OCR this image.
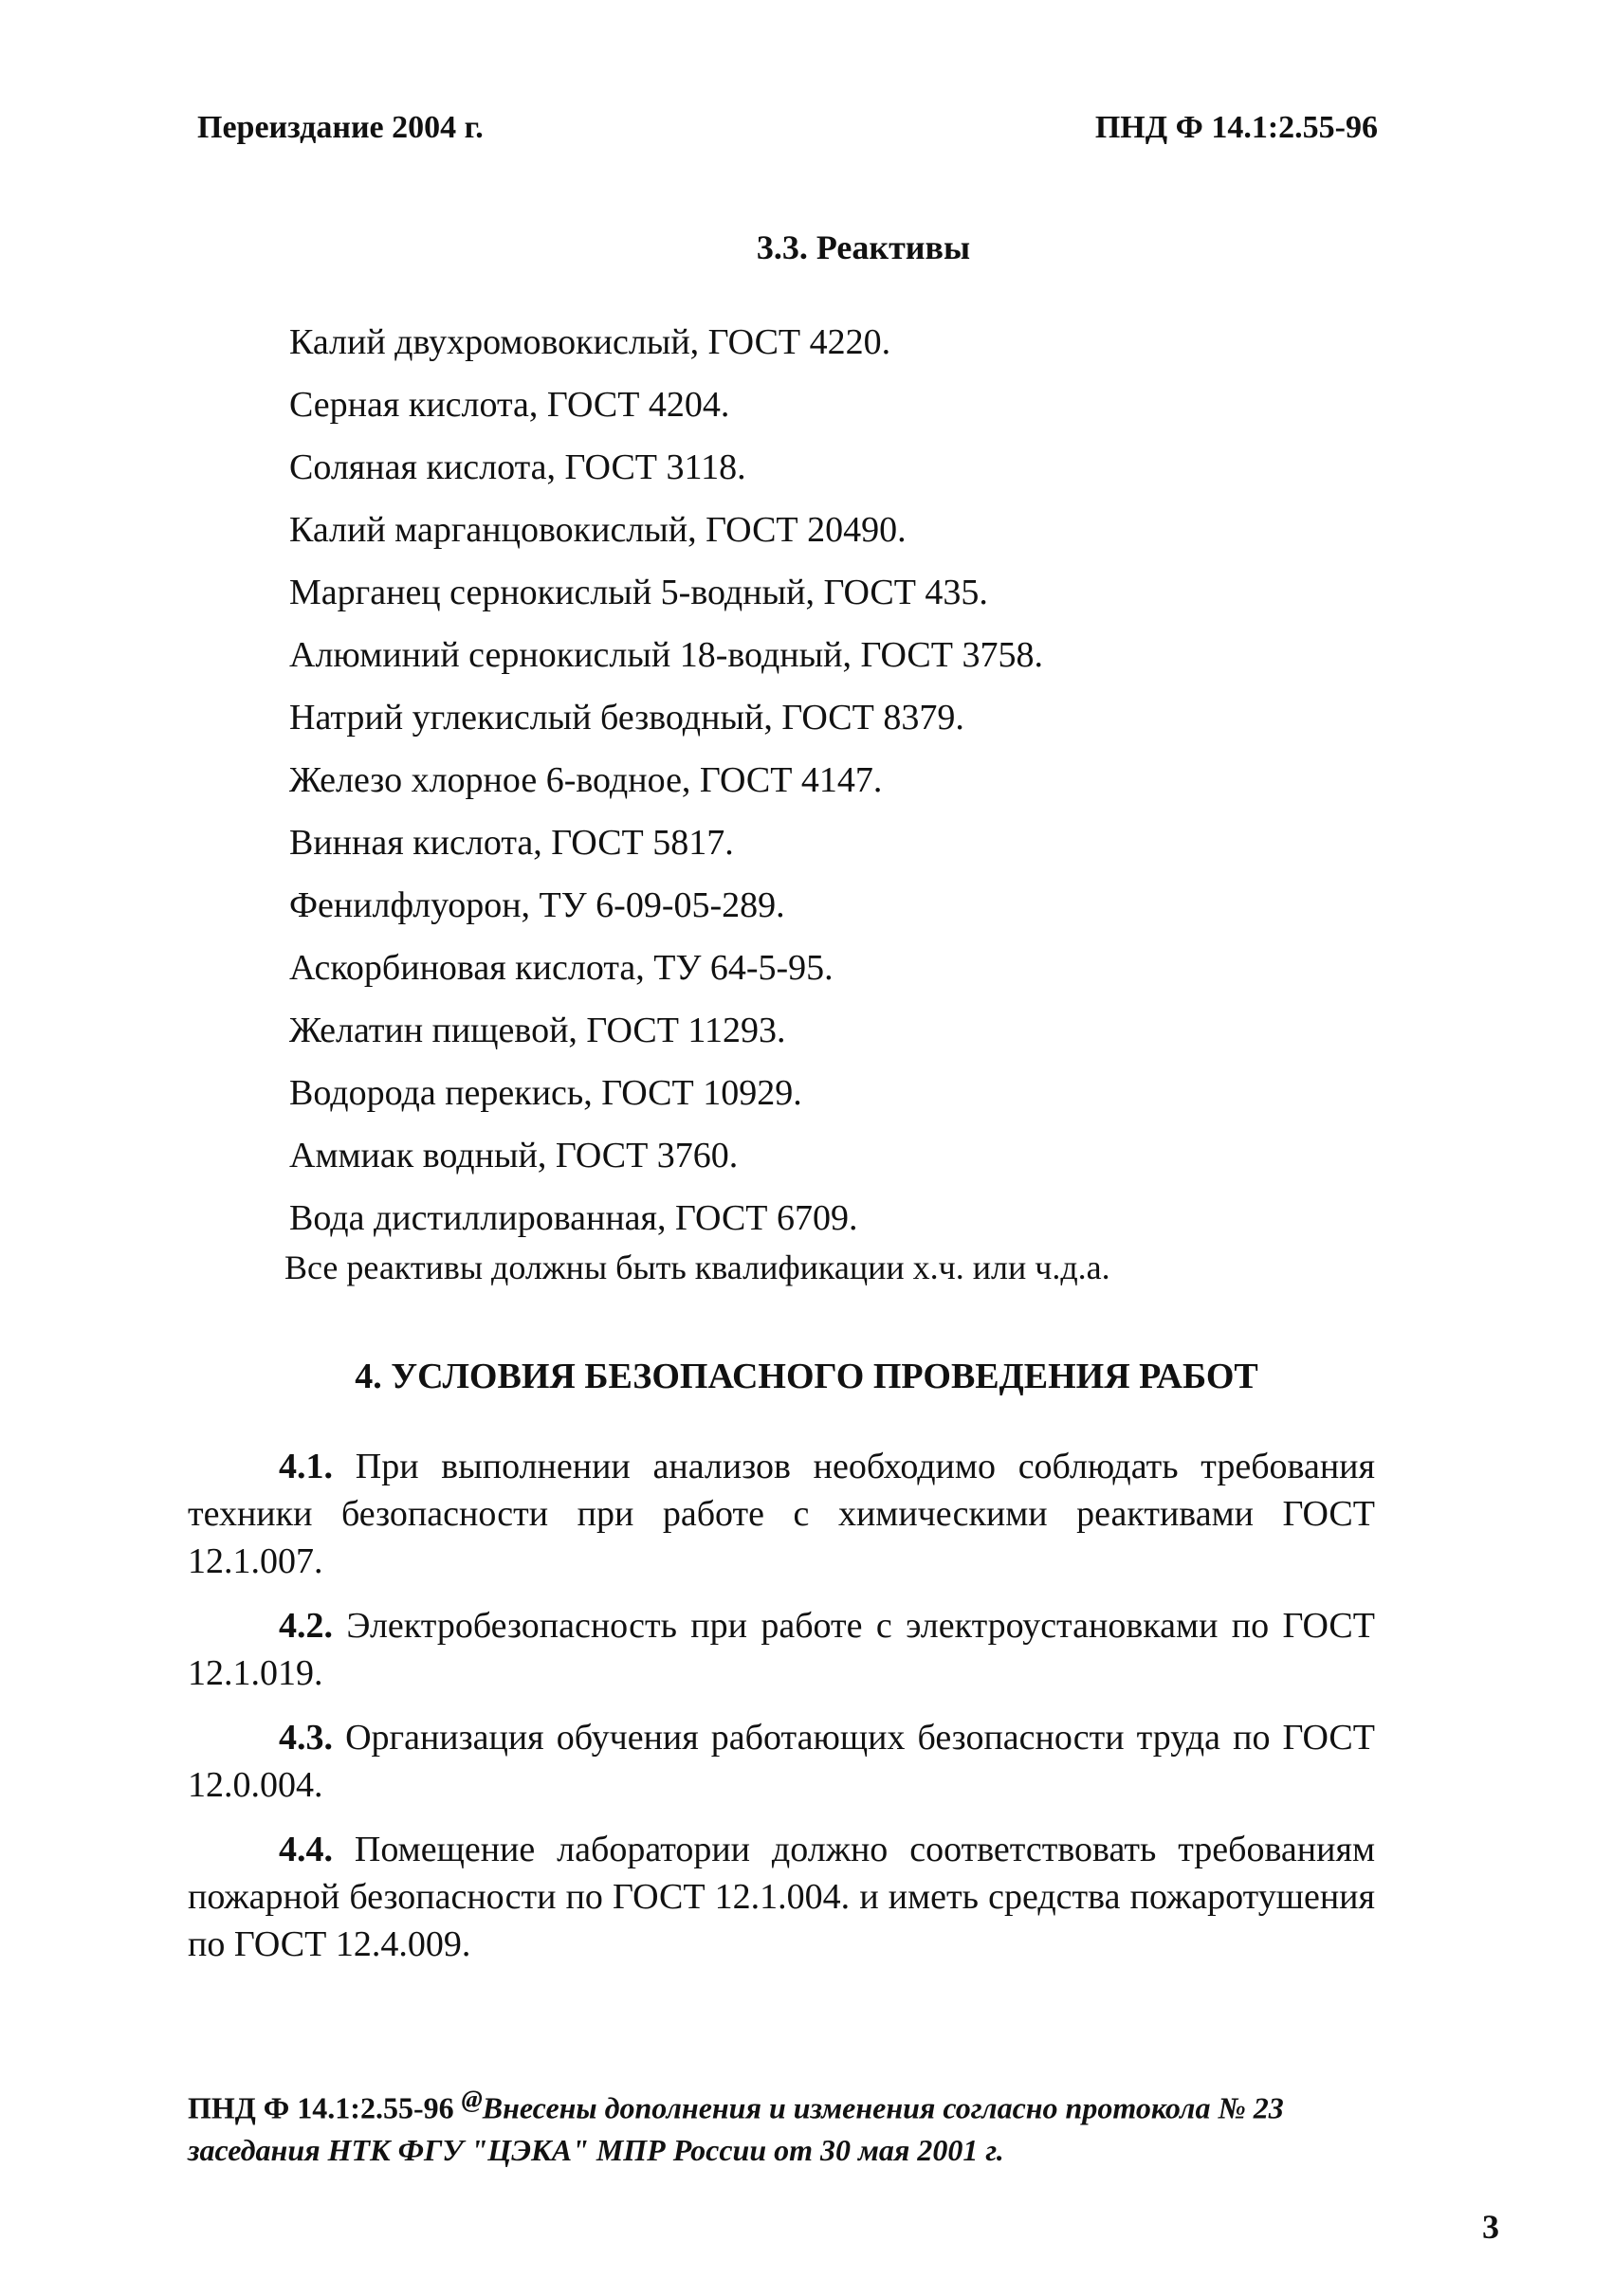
Переиздание 2004 г.	ПНД Ф 14.1:2.55-96
3.3. Реактивы
Калий двухромовокислый, ГОСТ 4220.
Серная кислота, ГОСТ 4204.
Соляная кислота, ГОСТ 3118.
Калий марганцовокислый, ГОСТ 20490.
Марганец сернокислый 5-водный, ГОСТ 435.
Алюминий сернокислый 18-водный, ГОСТ 3758.
Натрий углекислый безводный, ГОСТ 8379.
Железо хлорное 6-водное, ГОСТ 4147.
Винная кислота, ГОСТ 5817.
Фенилфлуорон, ТУ 6-09-05-289.
Аскорбиновая кислота, ТУ 64-5-95.
Желатин пищевой, ГОСТ 11293.
Водорода перекись, ГОСТ 10929.
Аммиак водный, ГОСТ 3760.
Вода дистиллированная, ГОСТ 6709.
Все реактивы должны быть квалификации х.ч. или ч.д.а.
4. УСЛОВИЯ БЕЗОПАСНОГО ПРОВЕДЕНИЯ РАБОТ

4.1. При выполнении анализов необходимо соблюдать требования техники безопасности при работе с химическими реактивами ГОСТ 12.1.007.

4.2. Электробезопасность при работе с электроустановками по ГОСТ 12.1.019.

4.3. Организация обучения работающих безопасности труда по ГОСТ 12.0.004.

4.4. Помещение лаборатории должно соответствовать требованиям пожарной безопасности по ГОСТ 12.1.004. и иметь средства пожаротушения по ГОСТ 12.4.009.

ПНД Ф 14.1:2.55-96 @Внесены дополнения и изменения согласно протокола № 23 заседания НТК ФГУ "ЦЭКА" МПР России от 30 мая 2001 г.
3
